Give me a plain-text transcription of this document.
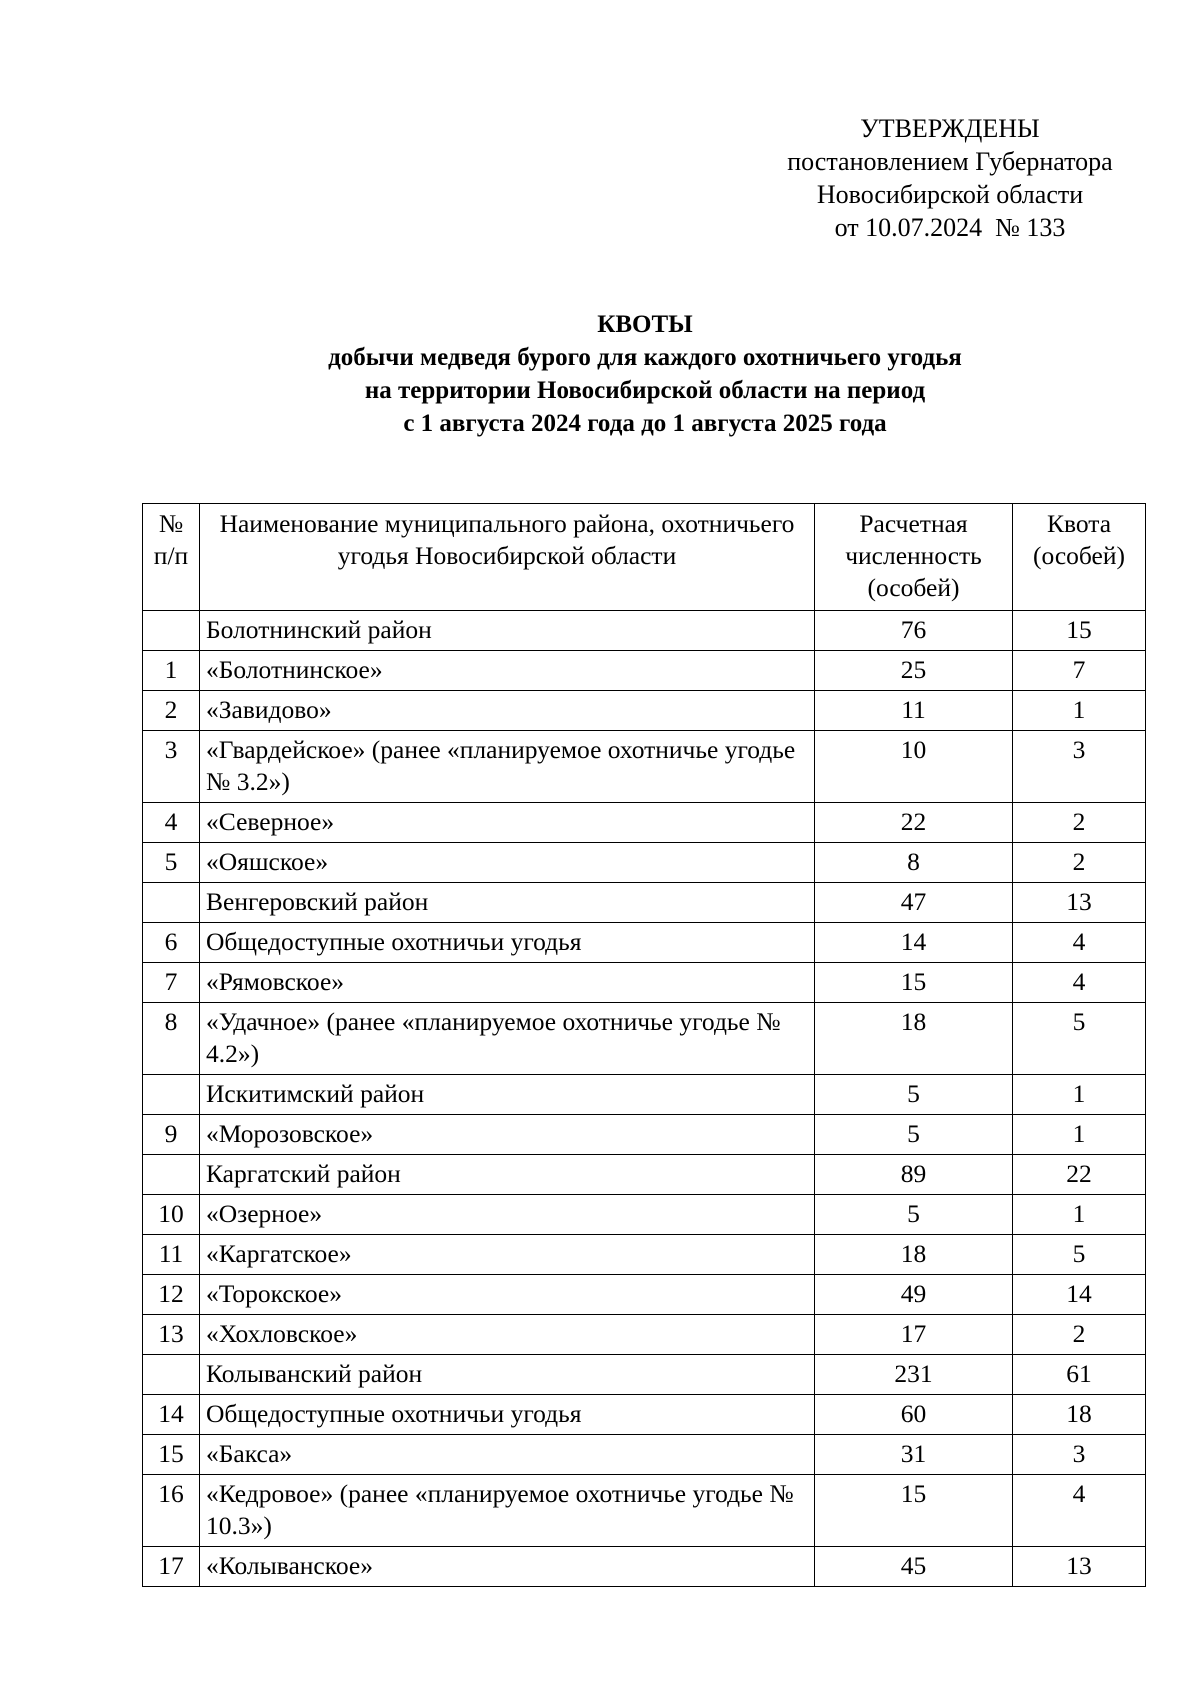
УТВЕРЖДЕНЫ
постановлением Губернатора
Новосибирской области
от 10.07.2024  № 133
КВОТЫ
добычи медведя бурого для каждого охотничьего угодья
на территории Новосибирской области на период
с 1 августа 2024 года до 1 августа 2025 года
№ п/п	Наименование муниципального района, охотничьего угодья Новосибирской области	Расчетная численность (особей)	Квота (особей)
	Болотнинский район	76	15
1	«Болотнинское»	25	7
2	«Завидово»	11	1
3	«Гвардейское» (ранее «планируемое охотничье угодье № 3.2»)	10	3
4	«Северное»	22	2
5	«Ояшское»	8	2
	Венгеровский район	47	13
6	Общедоступные охотничьи угодья	14	4
7	«Рямовское»	15	4
8	«Удачное» (ранее «планируемое охотничье угодье № 4.2»)	18	5
	Искитимский район	5	1
9	«Морозовское»	5	1
	Каргатский район	89	22
10	«Озерное»	5	1
11	«Каргатское»	18	5
12	«Торокское»	49	14
13	«Хохловское»	17	2
	Колыванский район	231	61
14	Общедоступные охотничьи угодья	60	18
15	«Бакса»	31	3
16	«Кедровое» (ранее «планируемое охотничье угодье № 10.3»)	15	4
17	«Колыванское»	45	13
